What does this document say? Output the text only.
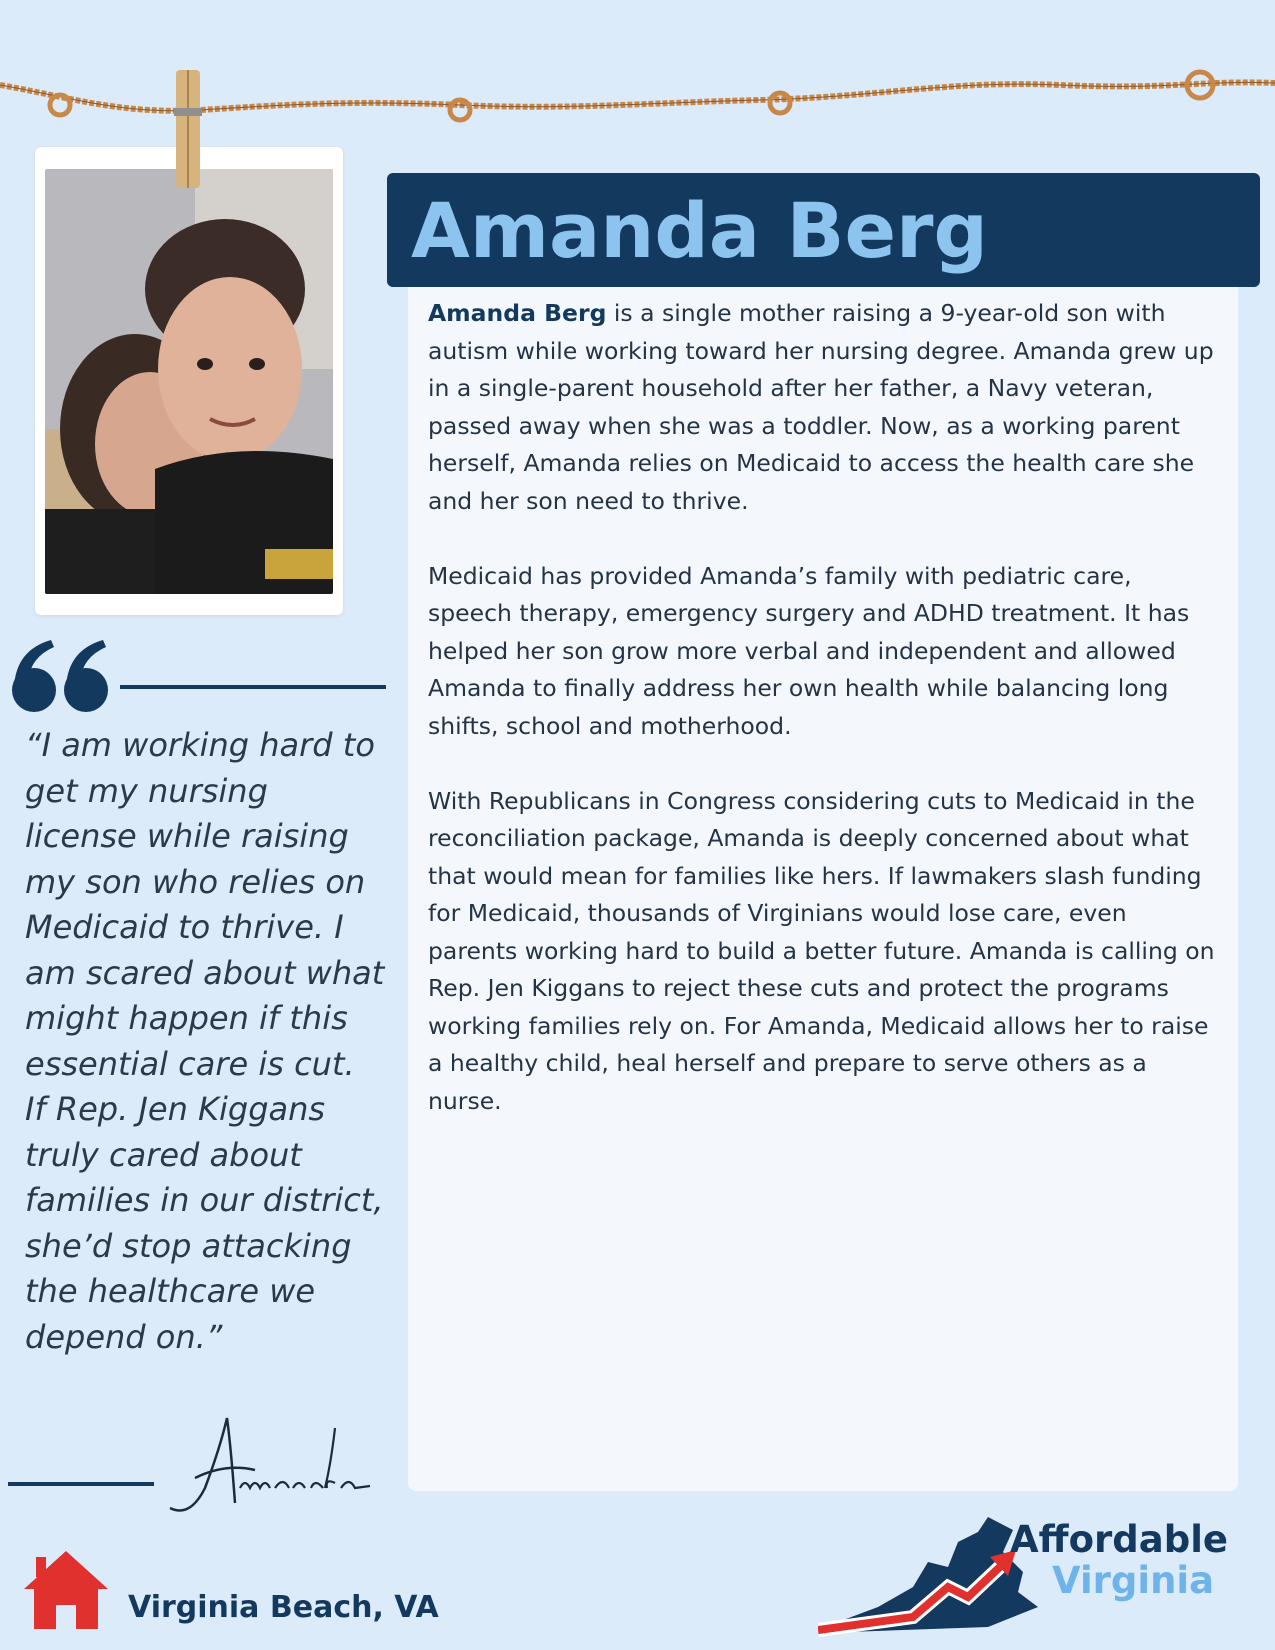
Amanda Berg

Amanda Berg is a single mother raising a 9-year-old son with autism while working toward her nursing degree. Amanda grew up in a single-parent household after her father, a Navy veteran, passed away when she was a toddler. Now, as a working parent herself, Amanda relies on Medicaid to access the health care she and her son need to thrive.

Medicaid has provided Amanda’s family with pediatric care, speech therapy, emergency surgery and ADHD treatment. It has helped her son grow more verbal and independent and allowed Amanda to finally address her own health while balancing long shifts, school and motherhood.

With Republicans in Congress considering cuts to Medicaid in the reconciliation package, Amanda is deeply concerned about what that would mean for families like hers. If lawmakers slash funding for Medicaid, thousands of Virginians would lose care, even parents working hard to build a better future. Amanda is calling on Rep. Jen Kiggans to reject these cuts and protect the programs working families rely on. For Amanda, Medicaid allows her to raise a healthy child, heal herself and prepare to serve others as a nurse.

“I am working hard to get my nursing license while raising my son who relies on Medicaid to thrive. I am scared about what might happen if this essential care is cut. If Rep. Jen Kiggans truly cared about families in our district, she’d stop attacking the healthcare we depend on.”
Virginia Beach, VA
Affordable
Virginia
